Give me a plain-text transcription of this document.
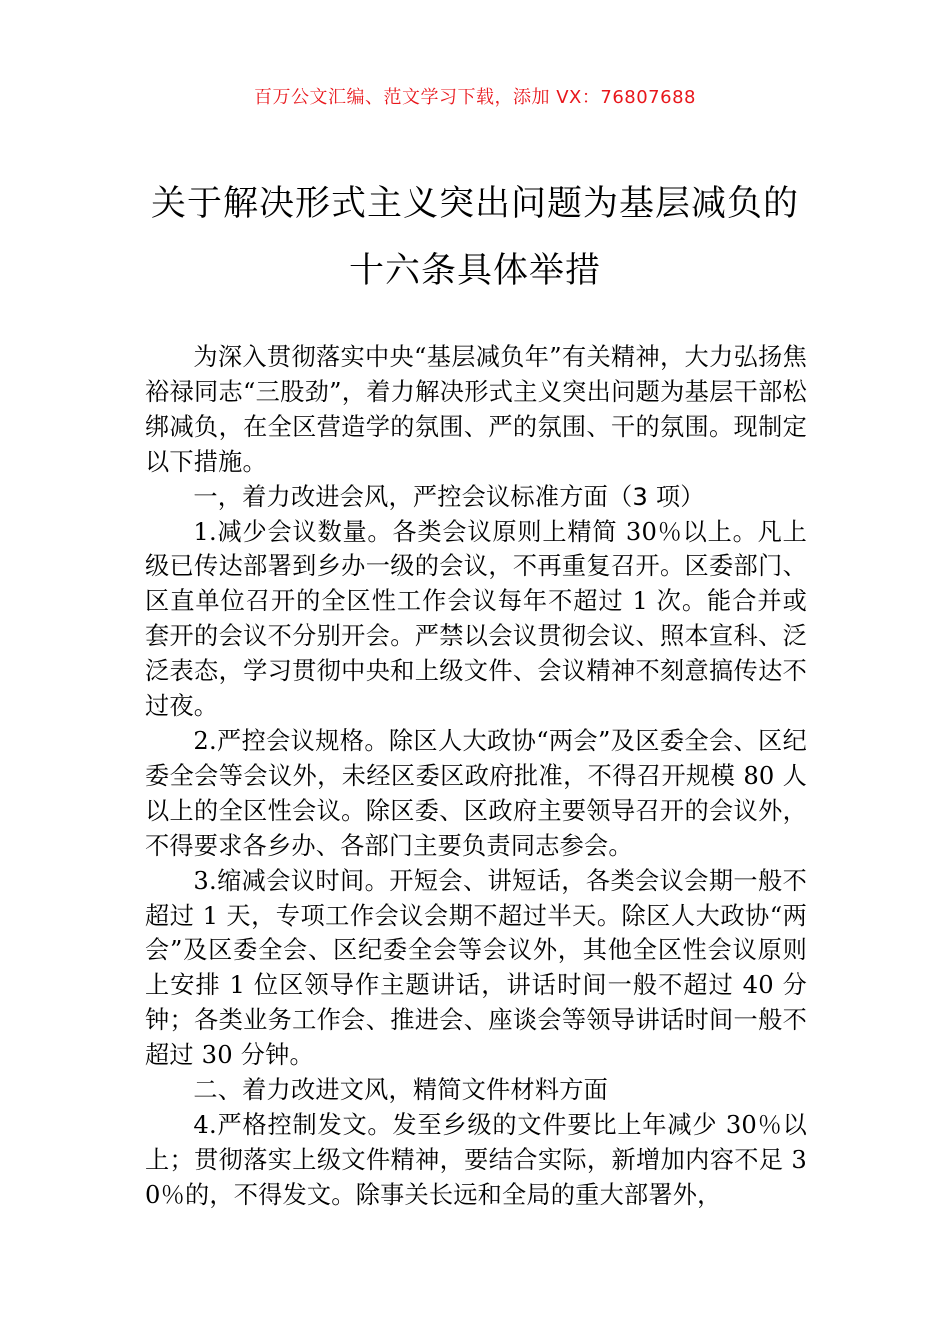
百万公文汇编、范文学习下载，添加 VX：76807688
关于解决形式主义突出问题为基层减负的
十六条具体举措

为深入贯彻落实中央“基层减负年”有关精神，大力弘扬焦裕禄同志“三股劲”，着力解决形式主义突出问题为基层干部松绑减负，在全区营造学的氛围、严的氛围、干的氛围。现制定以下措施。

一，着力改进会风，严控会议标准方面（3 项）

1.减少会议数量。各类会议原则上精简 30％以上。凡上级已传达部署到乡办一级的会议，不再重复召开。区委部门、区直单位召开的全区性工作会议每年不超过 1 次。能合并或套开的会议不分别开会。严禁以会议贯彻会议、照本宣科、泛泛表态，学习贯彻中央和上级文件、会议精神不刻意搞传达不过夜。

2.严控会议规格。除区人大政协“两会”及区委全会、区纪委全会等会议外，未经区委区政府批准，不得召开规模 80 人以上的全区性会议。除区委、区政府主要领导召开的会议外，不得要求各乡办、各部门主要负责同志参会。

3.缩减会议时间。开短会、讲短话，各类会议会期一般不超过 1 天，专项工作会议会期不超过半天。除区人大政协“两会”及区委全会、区纪委全会等会议外，其他全区性会议原则上安排 1 位区领导作主题讲话，讲话时间一般不超过 40 分钟；各类业务工作会、推进会、座谈会等领导讲话时间一般不超过 30 分钟。

二、着力改进文风，精简文件材料方面

4.严格控制发文。发至乡级的文件要比上年减少 30％以上；贯彻落实上级文件精神，要结合实际，新增加内容不足 30％的，不得发文。除事关长远和全局的重大部署外，
